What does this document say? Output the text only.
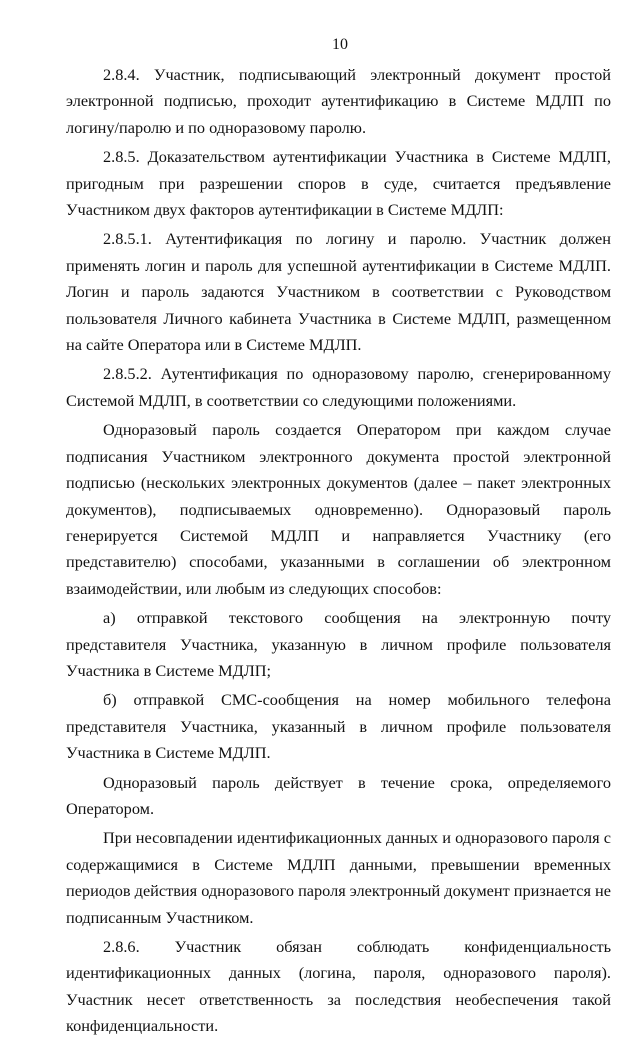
10

2.8.4. Участник, подписывающий электронный документ простой электронной подписью, проходит аутентификацию в Системе МДЛП по логину/паролю и по одноразовому паролю.

2.8.5. Доказательством аутентификации Участника в Системе МДЛП, пригодным при разрешении споров в суде, считается предъявление Участником двух факторов аутентификации в Системе МДЛП:

2.8.5.1. Аутентификация по логину и паролю. Участник должен применять логин и пароль для успешной аутентификации в Системе МДЛП. Логин и пароль задаются Участником в соответствии с Руководством пользователя Личного кабинета Участника в Системе МДЛП, размещенном на сайте Оператора или в Системе МДЛП.

2.8.5.2. Аутентификация по одноразовому паролю, сгенерированному Системой МДЛП, в соответствии со следующими положениями.

Одноразовый пароль создается Оператором при каждом случае подписания Участником электронного документа простой электронной подписью (нескольких электронных документов (далее – пакет электронных документов), подписываемых одновременно). Одноразовый пароль генерируется Системой МДЛП и направляется Участнику (его представителю) способами, указанными в соглашении об электронном взаимодействии, или любым из следующих способов:

а) отправкой текстового сообщения на электронную почту представителя Участника, указанную в личном профиле пользователя Участника в Системе МДЛП;

б) отправкой СМС-сообщения на номер мобильного телефона представителя Участника, указанный в личном профиле пользователя Участника в Системе МДЛП.

Одноразовый пароль действует в течение срока, определяемого Оператором.

При несовпадении идентификационных данных и одноразового пароля с содержащимися в Системе МДЛП данными, превышении временных периодов действия одноразового пароля электронный документ признается не подписанным Участником.

2.8.6. Участник обязан соблюдать конфиденциальность идентификационных данных (логина, пароля, одноразового пароля). Участник несет ответственность за последствия необеспечения такой конфиденциальности.
